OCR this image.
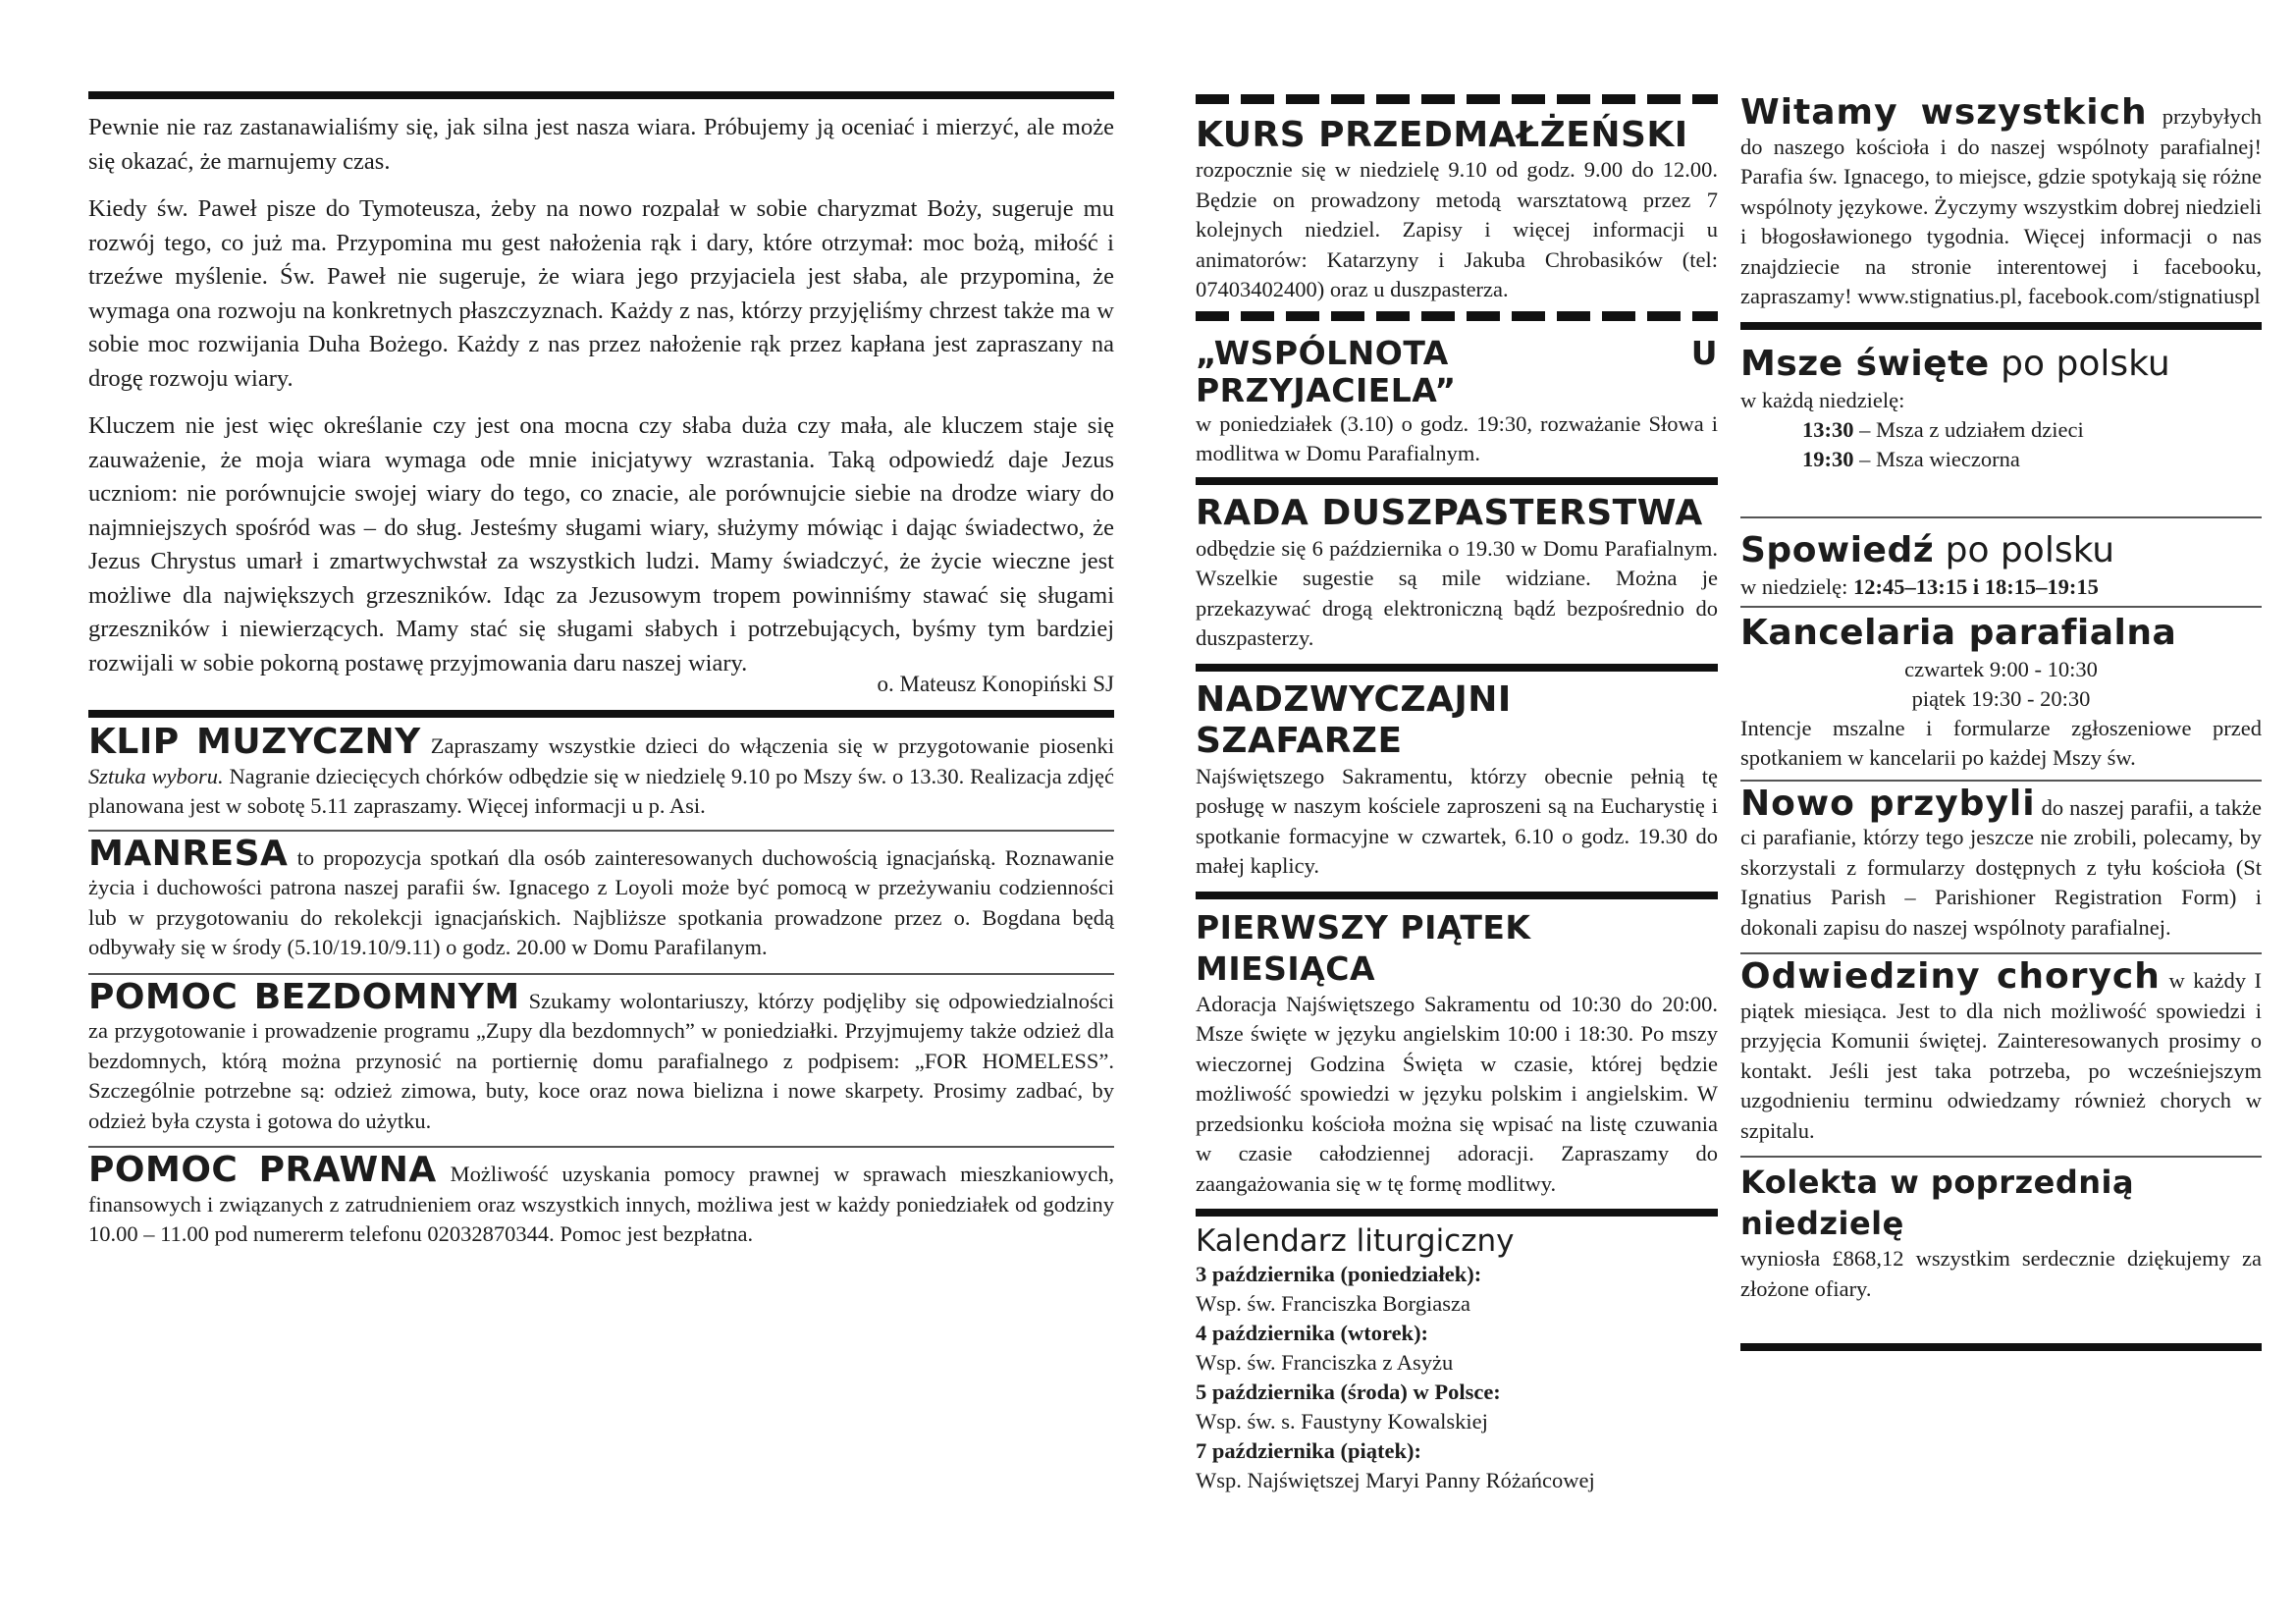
Pewnie nie raz zastanawialiśmy się, jak silna jest nasza wiara. Próbujemy ją oceniać i mierzyć, ale może się okazać, że marnujemy czas.

Kiedy św. Paweł pisze do Tymoteusza, żeby na nowo rozpalał w sobie charyzmat Boży, sugeruje mu rozwój tego, co już ma. Przypomina mu gest nałożenia rąk i dary, które otrzymał: moc bożą, miłość i trzeźwe myślenie. Św. Paweł nie sugeruje, że wiara jego przyjaciela jest słaba, ale przypomina, że wymaga ona rozwoju na konkretnych płaszczyznach. Każdy z nas, którzy przyjęliśmy chrzest także ma w sobie moc rozwijania Duha Bożego. Każdy z nas przez nałożenie rąk przez kapłana jest zapraszany na drogę rozwoju wiary.

Kluczem nie jest więc określanie czy jest ona mocna czy słaba duża czy mała, ale kluczem staje się zauważenie, że moja wiara wymaga ode mnie inicjatywy wzrastania. Taką odpowiedź daje Jezus uczniom: nie porównujcie swojej wiary do tego, co znacie, ale porównujcie siebie na drodze wiary do najmniejszych spośród was – do sług. Jesteśmy sługami wiary, służymy mówiąc i dając świadectwo, że Jezus Chrystus umarł i zmartwychwstał za wszystkich ludzi. Mamy świadczyć, że życie wieczne jest możliwe dla największych grzeszników. Idąc za Jezusowym tropem powinniśmy stawać się sługami grzeszników i niewierzących. Mamy stać się sługami słabych i potrzebujących, byśmy tym bardziej rozwijali w sobie pokorną postawę przyjmowania daru naszej wiary.

o. Mateusz Konopiński SJ

KLIP MUZYCZNY Zapraszamy wszystkie dzieci do włączenia się w przygotowanie piosenki Sztuka wyboru. Nagranie dziecięcych chórków odbędzie się w niedzielę 9.10 po Mszy św. o 13.30. Realizacja zdjęć planowana jest w sobotę 5.11 zapraszamy. Więcej informacji u p. Asi.

MANRESA to propozycja spotkań dla osób zainteresowanych duchowością ignacjańską. Roznawanie życia i duchowości patrona naszej parafii św. Ignacego z Loyoli może być pomocą w przeżywaniu codzienności lub w przygotowaniu do rekolekcji ignacjańskich. Najbliższe spotkania prowadzone przez o. Bogdana będą odbywały się w środy (5.10/19.10/9.11) o godz. 20.00 w Domu Parafilanym.

POMOC BEZDOMNYM Szukamy wolontariuszy, którzy podjęliby się odpowiedzialności za przygotowanie i prowadzenie programu „Zupy dla bezdomnych” w poniedziałki. Przyjmujemy także odzież dla bezdomnych, którą można przynosić na portiernię domu parafialnego z podpisem: „FOR HOMELESS”. Szczególnie potrzebne są: odzież zimowa, buty, koce oraz nowa bielizna i nowe skarpety. Prosimy zadbać, by odzież była czysta i gotowa do użytku.

POMOC PRAWNA Możliwość uzyskania pomocy prawnej w sprawach mieszkaniowych, finansowych i związanych z zatrudnieniem oraz wszystkich innych, możliwa jest w każdy poniedziałek od godziny 10.00 – 11.00 pod numererm telefonu 02032870344. Pomoc jest bezpłatna.

KURS PRZEDMAŁŻEŃSKI

rozpocznie się w niedzielę 9.10 od godz. 9.00 do 12.00. Będzie on prowadzony metodą warsztatową przez 7 kolejnych niedziel. Zapisy i więcej informacji u animatorów: Katarzyny i Jakuba Chrobasików (tel: 07403402400) oraz u duszpasterza.

„WSPÓLNOTA U PRZYJACIELA”

w poniedziałek (3.10) o godz. 19:30, rozważanie Słowa i modlitwa w Domu Parafialnym.

RADA DUSZPASTERSTWA

odbędzie się 6 października o 19.30 w Domu Parafialnym. Wszelkie sugestie są mile widziane. Można je przekazywać drogą elektroniczną bądź bezpośrednio do duszpasterzy.

NADZWYCZAJNI SZAFARZE

Najświętszego Sakramentu, którzy obecnie pełnią tę posługę w naszym kościele zaproszeni są na Eucharystię i spotkanie formacyjne w czwartek, 6.10 o godz. 19.30 do małej kaplicy.

PIERWSZY PIĄTEK MIESIĄCA

Adoracja Najświętszego Sakramentu od 10:30 do 20:00. Msze święte w języku angielskim 10:00 i 18:30. Po mszy wieczornej Godzina Święta w czasie, której będzie możliwość spowiedzi w języku polskim i angielskim. W przedsionku kościoła można się wpisać na listę czuwania w czasie całodziennej adoracji. Zapraszamy do zaangażowania się w tę formę modlitwy.

Kalendarz liturgiczny
3 października (poniedziałek):
Wsp. św. Franciszka Borgiasza
4 października (wtorek):
Wsp. św. Franciszka z Asyżu
5 października (środa) w Polsce:
Wsp. św. s. Faustyny Kowalskiej
7 października (piątek):
Wsp. Najświętszej Maryi Panny Różańcowej

Witamy wszystkich przybyłych do naszego kościoła i do naszej wspólnoty parafialnej! Parafia św. Ignacego, to miejsce, gdzie spotykają się różne wspólnoty językowe. Życzymy wszystkim dobrej niedzieli i błogosławionego tygodnia. Więcej informacji o nas znajdziecie na stronie interentowej i facebooku, zapraszamy! www.stignatius.pl, facebook.com/stignatiuspl

Msze święte po polsku
w każdą niedzielę:
13:30 – Msza z udziałem dzieci
19:30 – Msza wieczorna
Spowiedź po polsku
w niedzielę: 12:45–13:15 i 18:15–19:15
Kancelaria parafialna
czwartek 9:00 - 10:30
piątek 19:30 - 20:30

Intencje mszalne i formularze zgłoszeniowe przed spotkaniem w kancelarii po każdej Mszy św.

Nowo przybyli do naszej parafii, a także ci parafianie, którzy tego jeszcze nie zrobili, polecamy, by skorzystali z formularzy dostępnych z tyłu kościoła (St Ignatius Parish – Parishioner Registration Form) i dokonali zapisu do naszej wspólnoty parafialnej.

Odwiedziny chorych w każdy I piątek miesiąca. Jest to dla nich możliwość spowiedzi i przyjęcia Komunii świętej. Zainteresowanych prosimy o kontakt. Jeśli jest taka potrzeba, po wcześniejszym uzgodnieniu terminu odwiedzamy również chorych w szpitalu.

Kolekta w poprzednią niedzielę

wyniosła £868,12 wszystkim serdecznie dziękujemy za złożone ofiary.
